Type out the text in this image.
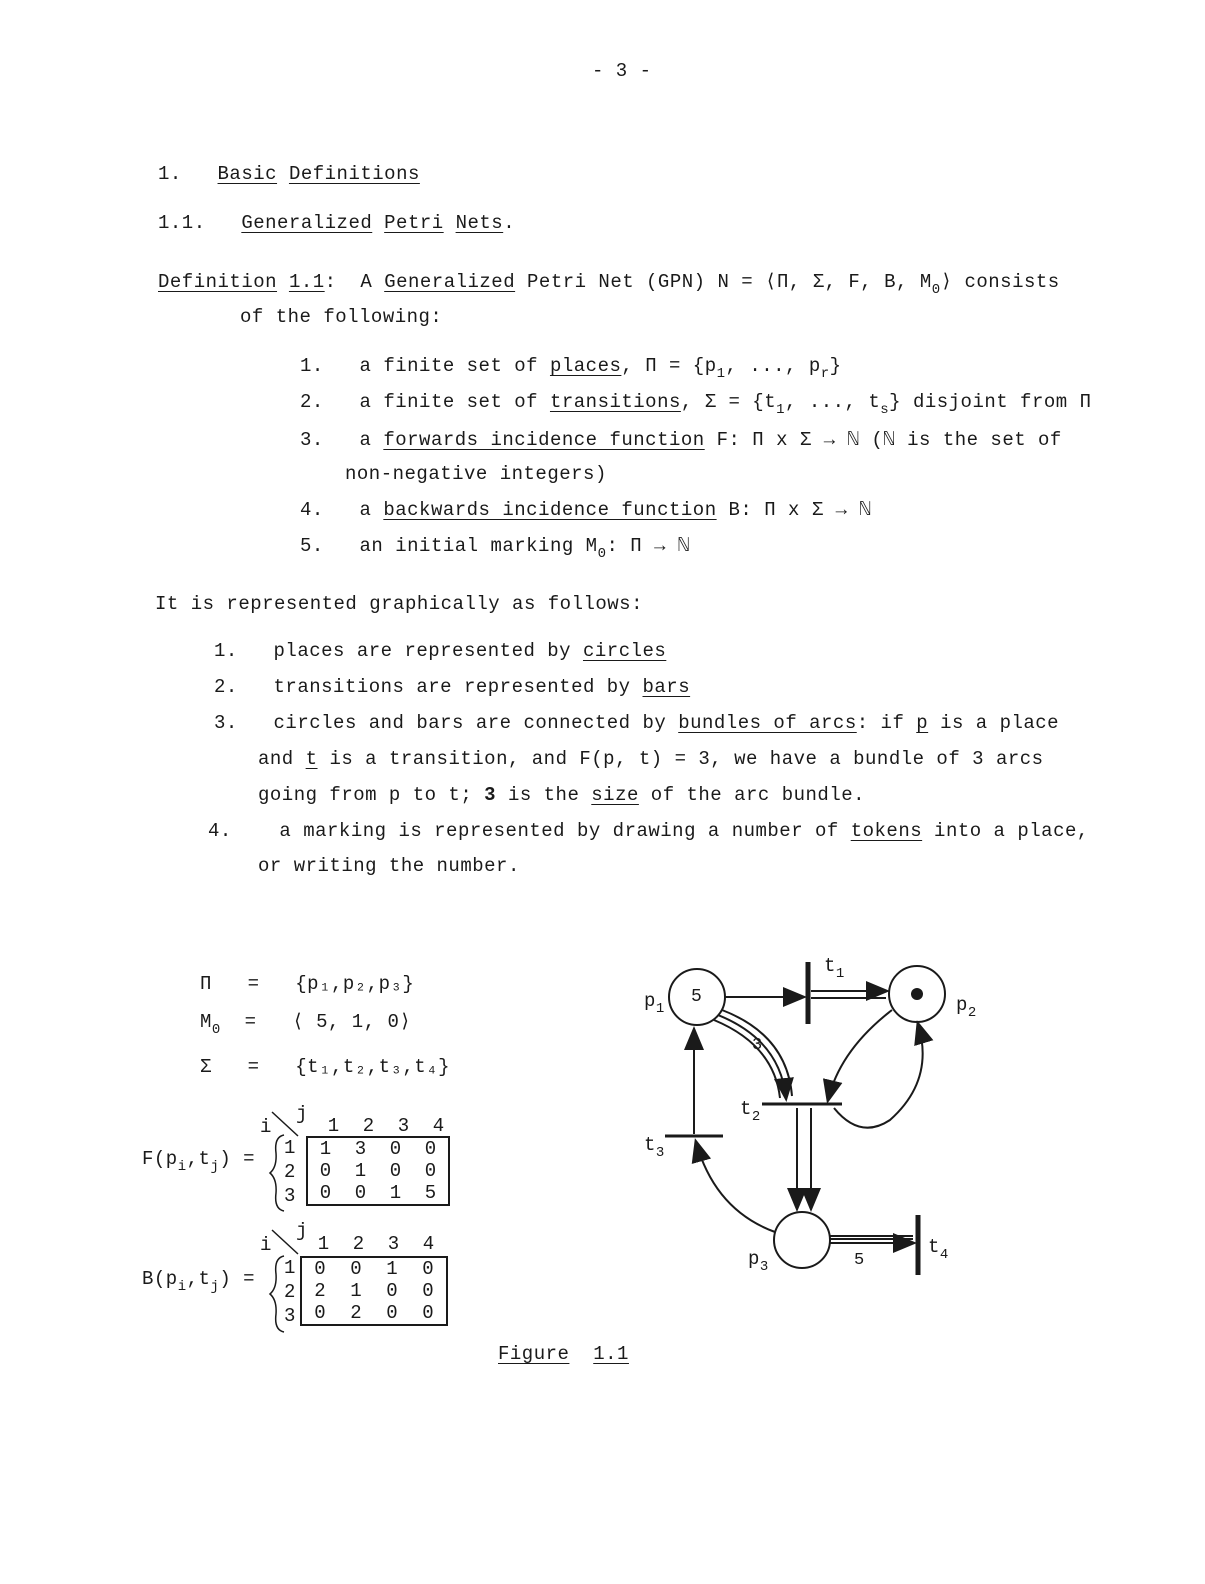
- 3 -
1. Basic Definitions
1.1. Generalized Petri Nets.
Definition 1.1: A Generalized Petri Net (GPN) N = ⟨Π, Σ, F, B, $M_0⟩$ consists
of the following:
1. a finite set of places, $\Pi = \{p_1$, ..., $p_r$}
2. a finite set of transitions, $\Sigma = \{t_1$, ..., $t_s$} disjoint from Π
3. a forwards incidence function F: Π x Σ → ℕ (ℕ is the set of
non-negative integers)
4. a backwards incidence function B: Π x Σ → ℕ
5. an initial marking $M_0$: Π → ℕ
It is represented graphically as follows:
1. places are represented by circles
2. transitions are represented by bars
3. circles and bars are connected by bundles of arcs: if p is a place
and t is a transition, and F(p, t) = 3, we have a bundle of 3 arcs
going from p to t; 3 is the size of the arc bundle.
4.	a marking is represented by drawing a number of tokens into a place,
or writing the number.
Π = {p₁,p₂,p₃}
$M_0$ = ⟨ 5, 1, 0⟩
Σ = {t₁,t₂,t₃,t₄}
i
j
1 2 3 4
$F(p_i,t_j) = 1$
2
3
1	3	0	0
0	1	0	0
0	0	1	5
i
j
1 2 3 4
$B(p_i,t_j) = 1$
2
3
0	0	1	0
2	1	0	0
0	2	0	0
5
$p_1$	$p_2$
$p_3$
$t_1$
$t_2$
$t_3$
$t_4$
3
5
Figure 1.1
